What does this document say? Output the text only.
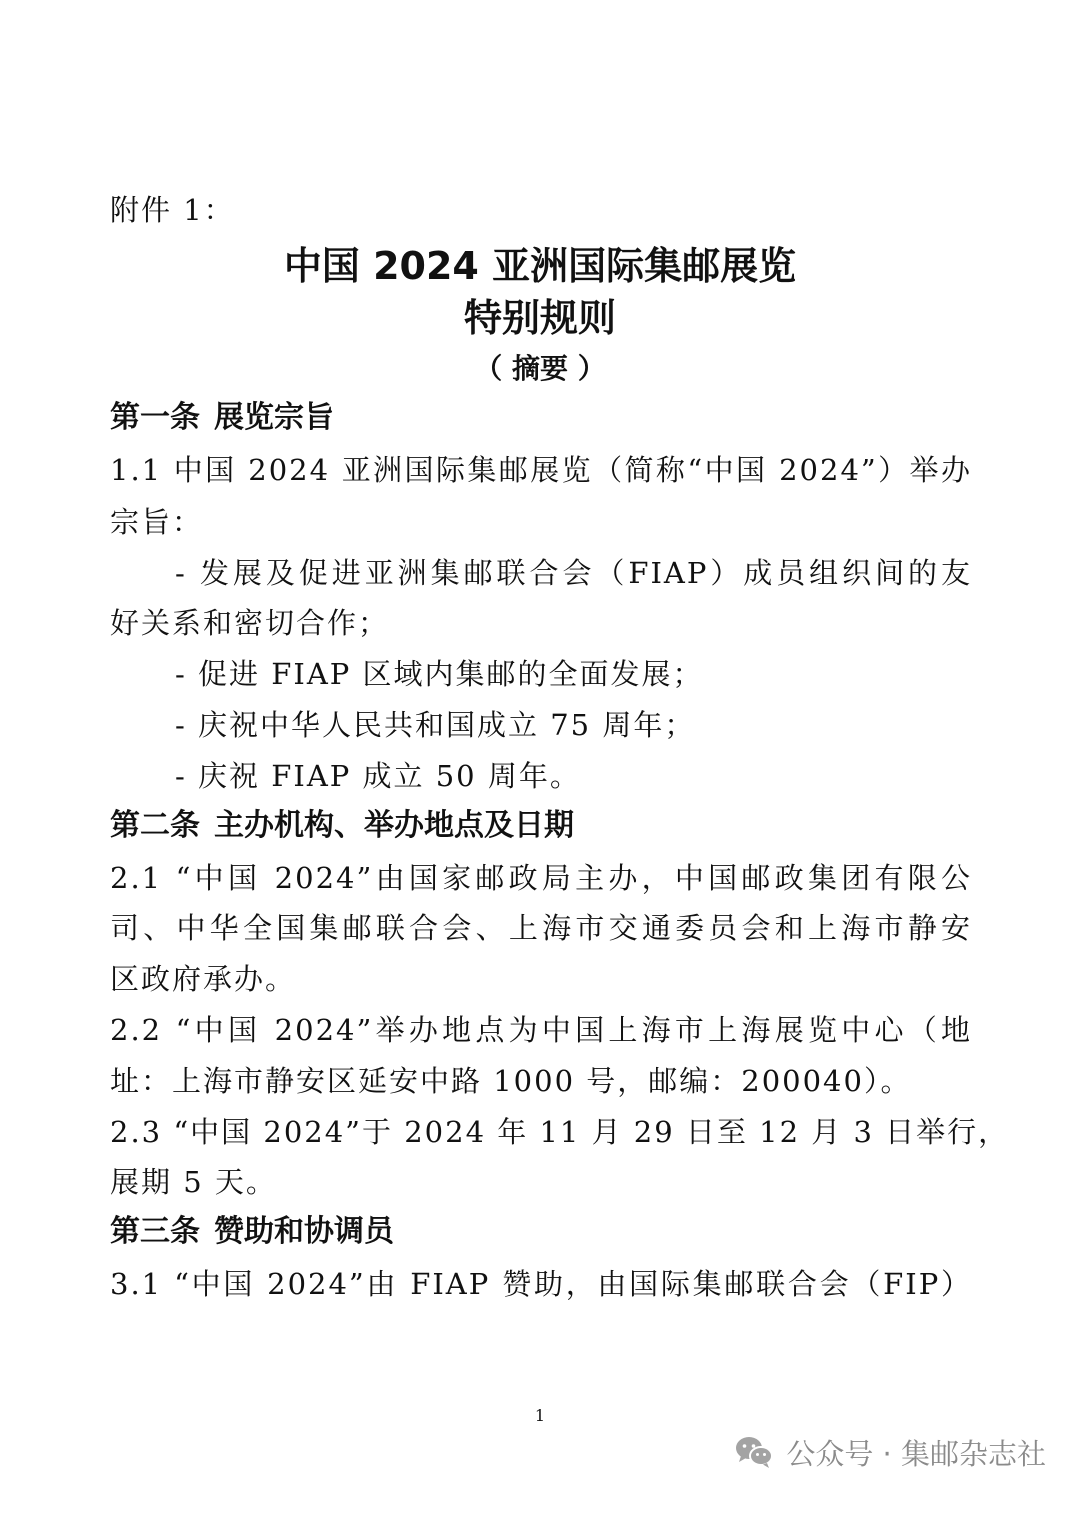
附件 1：
中国 2024 亚洲国际集邮展览
特别规则
（ 摘要 ）
第一条 展览宗旨
1.1 中国 2024 亚洲国际集邮展览（简称“中国 2024”）举办
宗旨：
- 发展及促进亚洲集邮联合会（FIAP）成员组织间的友
好关系和密切合作；
- 促进 FIAP 区域内集邮的全面发展；
- 庆祝中华人民共和国成立 75 周年；
- 庆祝 FIAP 成立 50 周年。
第二条 主办机构、举办地点及日期
2.1 “中国 2024”由国家邮政局主办，中国邮政集团有限公
司、中华全国集邮联合会、上海市交通委员会和上海市静安
区政府承办。
2.2 “中国 2024”举办地点为中国上海市上海展览中心（地
址：上海市静安区延安中路 1000 号，邮编：200040）。
2.3 “中国 2024”于 2024 年 11 月 29 日至 12 月 3 日举行，
展期 5 天。
第三条 赞助和协调员
3.1 “中国 2024”由 FIAP 赞助，由国际集邮联合会（FIP）
1
公众号 · 集邮杂志社
